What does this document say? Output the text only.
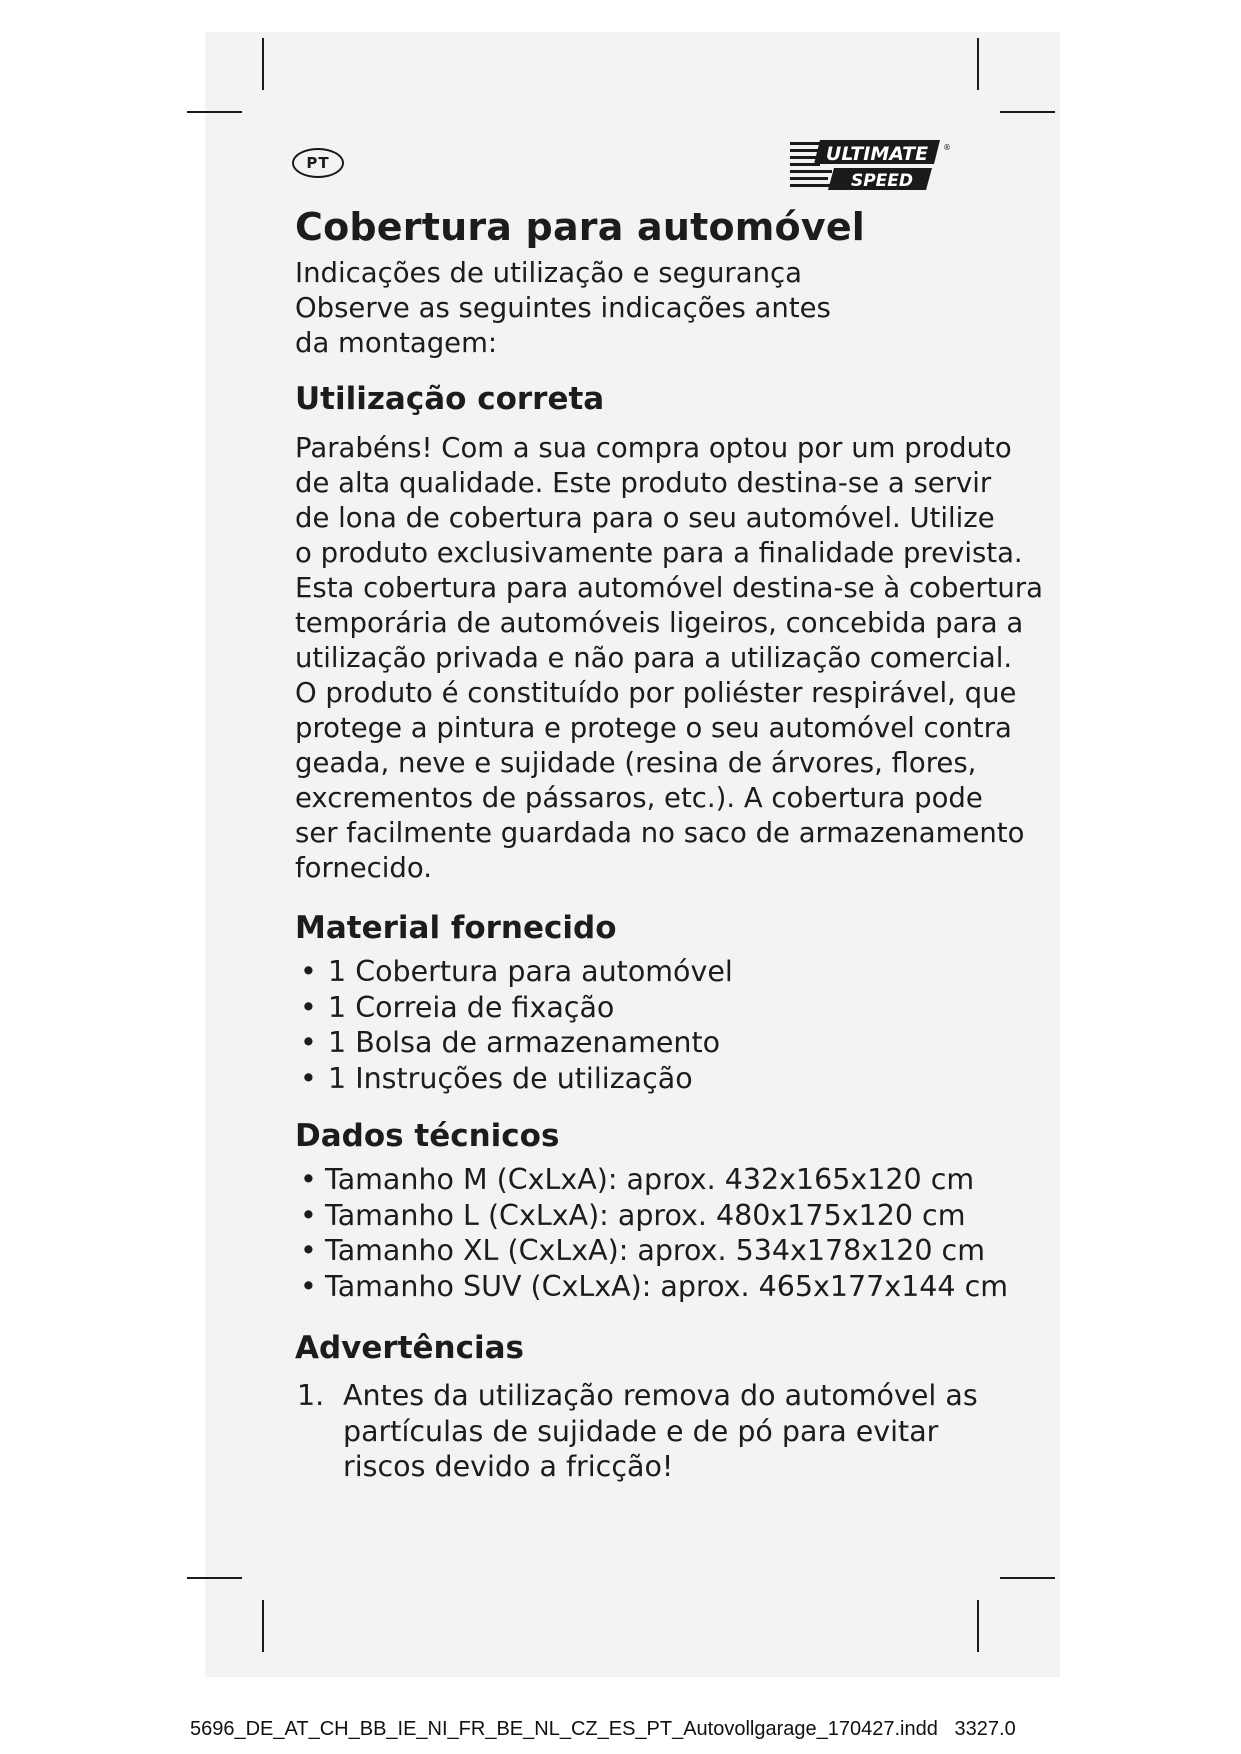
PT	ULTIMATE
SPEED
®
Cobertura para automóvel

Indicações de utilização e segurança

Observe as seguintes indicações antes

da montagem:

Utilização correta

Parabéns! Com a sua compra optou por um produto

de alta qualidade. Este produto destina-se a servir

de lona de cobertura para o seu automóvel. Utilize

o produto exclusivamente para a finalidade prevista.

Esta cobertura para automóvel destina-se à cobertura

temporária de automóveis ligeiros, concebida para a

utilização privada e não para a utilização comercial.

O produto é constituído por poliéster respirável, que

protege a pintura e protege o seu automóvel contra

geada, neve e sujidade (resina de árvores, flores,

excrementos de pássaros, etc.). A cobertura pode

ser facilmente guardada no saco de armazenamento

fornecido.

Material fornecido
• 1 Cobertura para automóvel
• 1 Correia de fixação
• 1 Bolsa de armazenamento
• 1 Instruções de utilização
Dados técnicos
• Tamanho M (CxLxA): aprox. 432x165x120 cm
• Tamanho L (CxLxA): aprox. 480x175x120 cm
• Tamanho XL (CxLxA): aprox. 534x178x120 cm
• Tamanho SUV (CxLxA): aprox. 465x177x144 cm
Advertências
1. Antes da utilização remova do automóvel as

partículas de sujidade e de pó para evitar

riscos devido a fricção!

5696_DE_AT_CH_BB_IE_NI_FR_BE_NL_CZ_ES_PT_Autovollgarage_170427.indd 3327.0
